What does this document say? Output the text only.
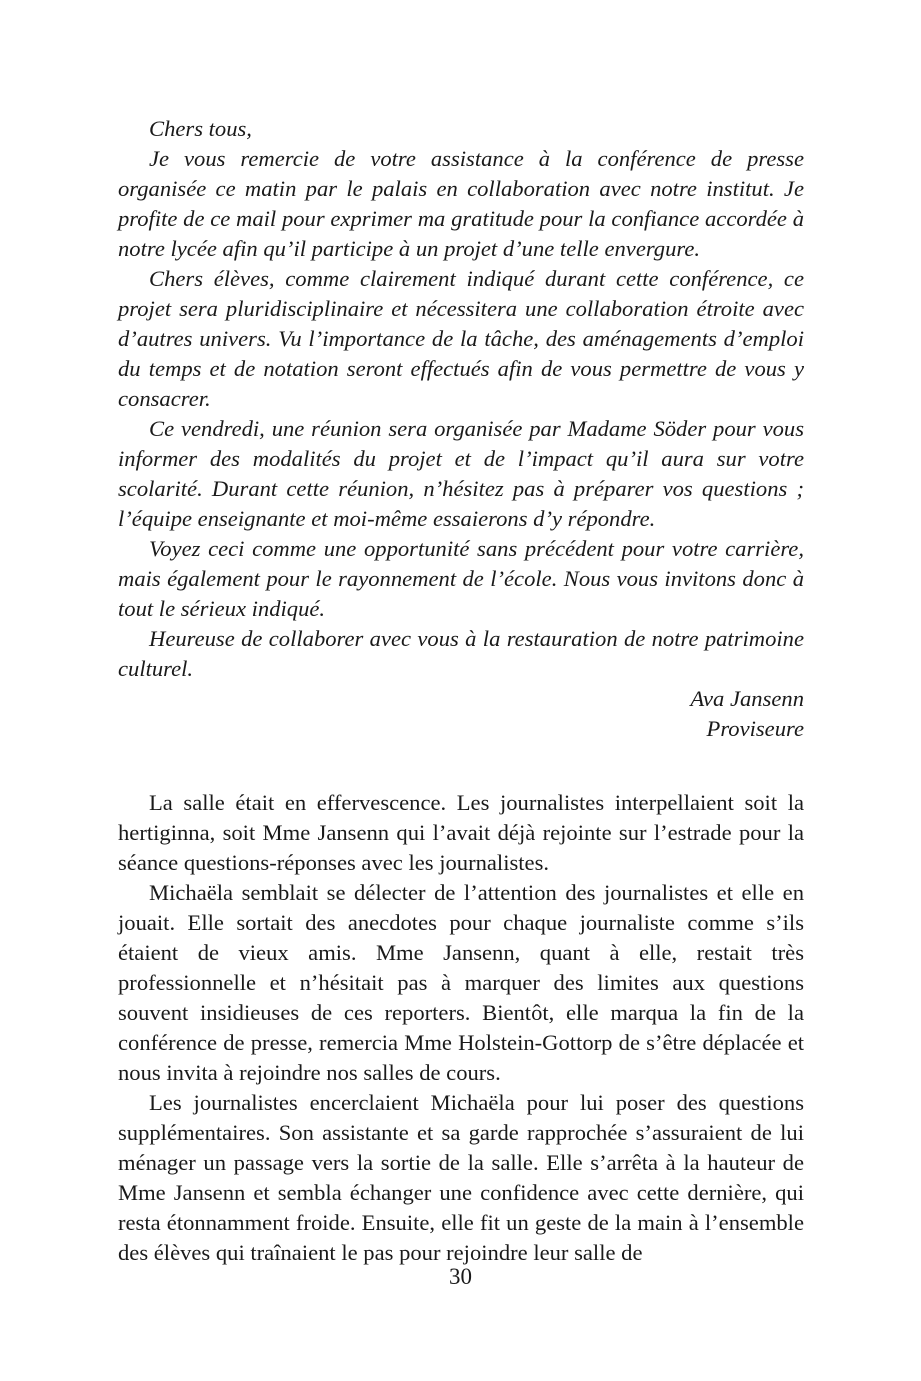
Chers tous,

Je vous remercie de votre assistance à la conférence de presse organisée ce matin par le palais en collaboration avec notre institut. Je profite de ce mail pour exprimer ma gratitude pour la confiance accordée à notre lycée afin qu’il participe à un projet d’une telle envergure.

Chers élèves, comme clairement indiqué durant cette conférence, ce projet sera pluridisciplinaire et nécessitera une collaboration étroite avec d’autres univers. Vu l’importance de la tâche, des aménagements d’emploi du temps et de notation seront effectués afin de vous permettre de vous y consacrer.

Ce vendredi, une réunion sera organisée par Madame Söder pour vous informer des modalités du projet et de l’impact qu’il aura sur votre scolarité. Durant cette réunion, n’hésitez pas à préparer vos questions ; l’équipe enseignante et moi-même essaierons d’y répondre.

Voyez ceci comme une opportunité sans précédent pour votre carrière, mais également pour le rayonnement de l’école. Nous vous invitons donc à tout le sérieux indiqué.

Heureuse de collaborer avec vous à la restauration de notre patrimoine culturel.

Ava Jansenn
Proviseure

La salle était en effervescence. Les journalistes interpellaient soit la hertiginna, soit Mme Jansenn qui l’avait déjà rejointe sur l’estrade pour la séance questions-réponses avec les journalistes.

Michaëla semblait se délecter de l’attention des journalistes et elle en jouait. Elle sortait des anecdotes pour chaque journaliste comme s’ils étaient de vieux amis. Mme Jansenn, quant à elle, restait très professionnelle et n’hésitait pas à marquer des limites aux questions souvent insidieuses de ces reporters. Bientôt, elle marqua la fin de la conférence de presse, remercia Mme Holstein-Gottorp de s’être déplacée et nous invita à rejoindre nos salles de cours.

Les journalistes encerclaient Michaëla pour lui poser des questions supplémentaires. Son assistante et sa garde rapprochée s’assuraient de lui ménager un passage vers la sortie de la salle. Elle s’arrêta à la hauteur de Mme Jansenn et sembla échanger une confidence avec cette dernière, qui resta étonnamment froide. Ensuite, elle fit un geste de la main à l’ensemble des élèves qui traînaient le pas pour rejoindre leur salle de

30
